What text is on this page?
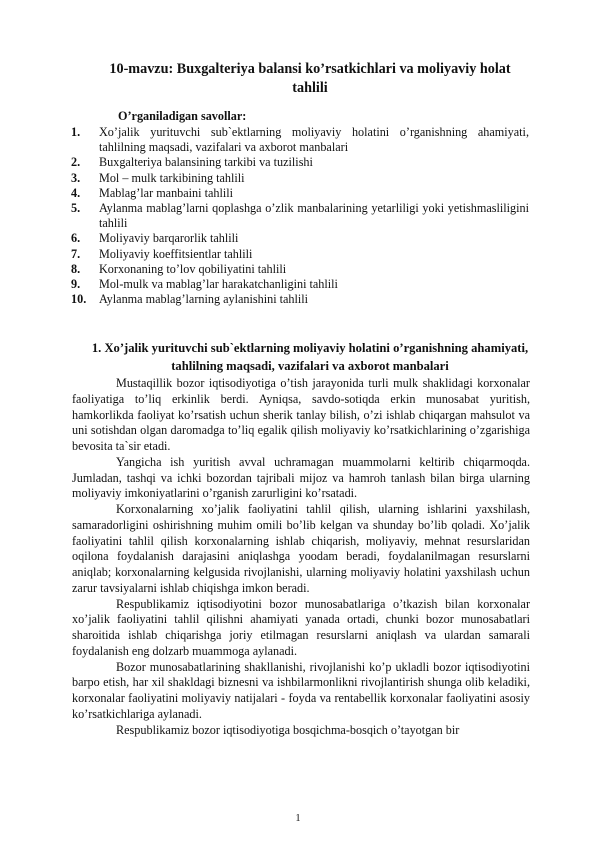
10-mavzu: Buxgalteriya balansi ko’rsatkichlari va moliyaviy holat tahlili
O’rganiladigan savollar:
1. Xo’jalik yurituvchi sub`ektlarning moliyaviy holatini o’rganishning ahamiyati, tahlilning maqsadi, vazifalari va axborot manbalari
2. Buxgalteriya balansining tarkibi va tuzilishi
3. Mol – mulk tarkibining tahlili
4. Mablag’lar manbaini tahlili
5. Aylanma mablag’larni qoplashga o’zlik manbalarining yetarliligi yoki yetishmasliligini tahlili
6. Moliyaviy barqarorlik tahlili
7. Moliyaviy koeffitsientlar tahlili
8. Korxonaning to’lov qobiliyatini tahlili
9. Mol-mulk va mablag’lar harakatchanligini tahlili
10. Aylanma mablag’larning aylanishini tahlili
1. Xo’jalik yurituvchi sub`ektlarning moliyaviy holatini o’rganishning ahamiyati, tahlilning maqsadi, vazifalari va axborot manbalari

Mustaqillik bozor iqtisodiyotiga o’tish jarayonida turli mulk shaklidagi korxonalar faoliyatiga to’liq erkinlik berdi. Ayniqsa, savdo-sotiqda erkin munosabat yuritish, hamkorlikda faoliyat ko’rsatish uchun sherik tanlay bilish, o’zi ishlab chiqargan mahsulot va uni sotishdan olgan daromadga to’liq egalik qilish moliyaviy ko’rsatkichlarining o’zgarishiga bevosita ta`sir etadi.

Yangicha ish yuritish avval uchramagan muammolarni keltirib chiqarmoqda. Jumladan, tashqi va ichki bozordan tajribali mijoz va hamroh tanlash bilan birga ularning moliyaviy imkoniyatlarini o’rganish zarurligini ko’rsatadi.

Korxonalarning xo’jalik faoliyatini tahlil qilish, ularning ishlarini yaxshilash, samaradorligini oshirishning muhim omili bo’lib kelgan va shunday bo’lib qoladi. Xo’jalik faoliyatini tahlil qilish korxonalarning ishlab chiqarish, moliyaviy, mehnat resurslaridan oqilona foydalanish darajasini aniqlashga yoodam beradi, foydalanilmagan resurslarni aniqlab; korxonalarning kelgusida rivojlanishi, ularning moliyaviy holatini yaxshilash uchun zarur tavsiyalarni ishlab chiqishga imkon beradi.

Respublikamiz iqtisodiyotini bozor munosabatlariga o’tkazish bilan korxonalar xo’jalik faoliyatini tahlil qilishni ahamiyati yanada ortadi, chunki bozor munosabatlari sharoitida ishlab chiqarishga joriy etilmagan resurslarni aniqlash va ulardan samarali foydalanish eng dolzarb muammoga aylanadi.

Bozor munosabatlarining shakllanishi, rivojlanishi ko’p ukladli bozor iqtisodiyotini barpo etish, har xil shakldagi biznesni va ishbilarmonlikni rivojlantirish shunga olib keladiki, korxonalar faoliyatini moliyaviy natijalari - foyda va rentabellik korxonalar faoliyatini asosiy ko’rsatkichlariga aylanadi.

Respublikamiz bozor iqtisodiyotiga bosqichma-bosqich o’tayotgan bir

1
